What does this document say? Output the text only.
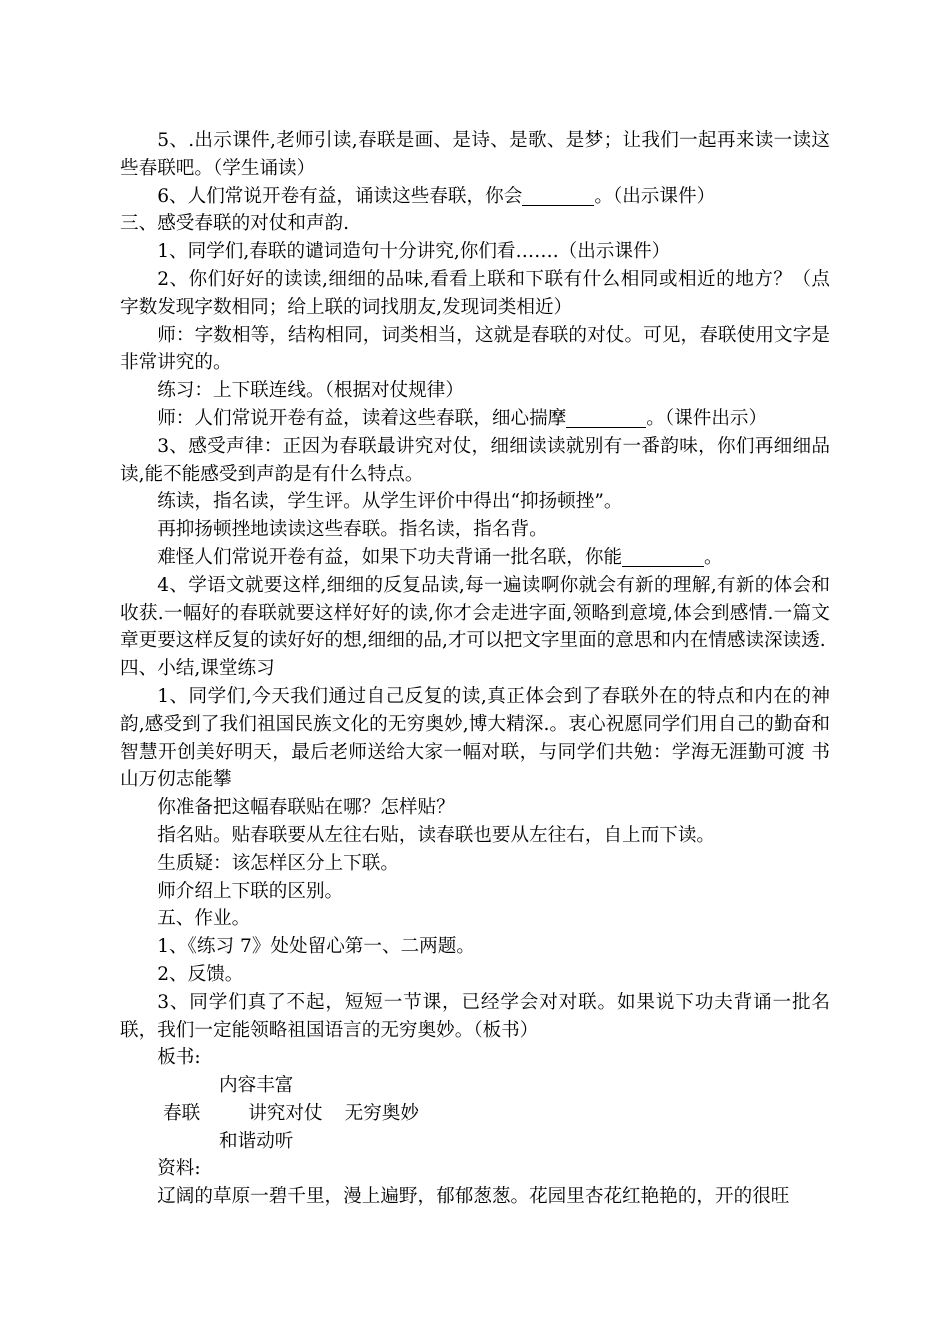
5、.出示课件,老师引读,春联是画、是诗、是歌、是梦；让我们一起再来读一读这些春联吧。（学生诵读）

6、人们常说开卷有益，诵读这些春联，你会	。（出示课件）

三、感受春联的对仗和声韵.

1、同学们,春联的谴词造句十分讲究,你们看…….（出示课件）

2、你们好好的读读,细细的品味,看看上联和下联有什么相同或相近的地方？（点字数发现字数相同；给上联的词找朋友,发现词类相近）

师：字数相等，结构相同，词类相当，这就是春联的对仗。可见，春联使用文字是非常讲究的。

练习：上下联连线。（根据对仗规律）

师：人们常说开卷有益，读着这些春联，细心揣摩	。（课件出示）

3、感受声律：正因为春联最讲究对仗，细细读读就别有一番韵味，你们再细细品读,能不能感受到声韵是有什么特点。

练读，指名读，学生评。从学生评价中得出“抑扬顿挫”。

再抑扬顿挫地读读这些春联。指名读，指名背。

难怪人们常说开卷有益，如果下功夫背诵一批名联，你能	。

4、学语文就要这样,细细的反复品读,每一遍读啊你就会有新的理解,有新的体会和收获.一幅好的春联就要这样好好的读,你才会走进字面,领略到意境,体会到感情.一篇文章更要这样反复的读好好的想,细细的品,才可以把文字里面的意思和内在情感读深读透.

四、小结,课堂练习

1、同学们,今天我们通过自己反复的读,真正体会到了春联外在的特点和内在的神韵,感受到了我们祖国民族文化的无穷奥妙,博大精深.。衷心祝愿同学们用自己的勤奋和智慧开创美好明天，最后老师送给大家一幅对联，与同学们共勉：学海无涯勤可渡 书山万仞志能攀

你准备把这幅春联贴在哪？怎样贴？

指名贴。贴春联要从左往右贴，读春联也要从左往右，自上而下读。

生质疑：该怎样区分上下联。

师介绍上下联的区别。

五、作业。

1、《练习 7》处处留心第一、二两题。

2、反馈。

3、同学们真了不起，短短一节课，已经学会对对联。如果说下功夫背诵一批名联，我们一定能领略祖国语言的无穷奥妙。（板书）

板书:

内容丰富
春联	讲究对仗 无穷奥妙
和谐动听

资料:

辽阔的草原一碧千里，漫上遍野，郁郁葱葱。花园里杏花红艳艳的，开的很旺
